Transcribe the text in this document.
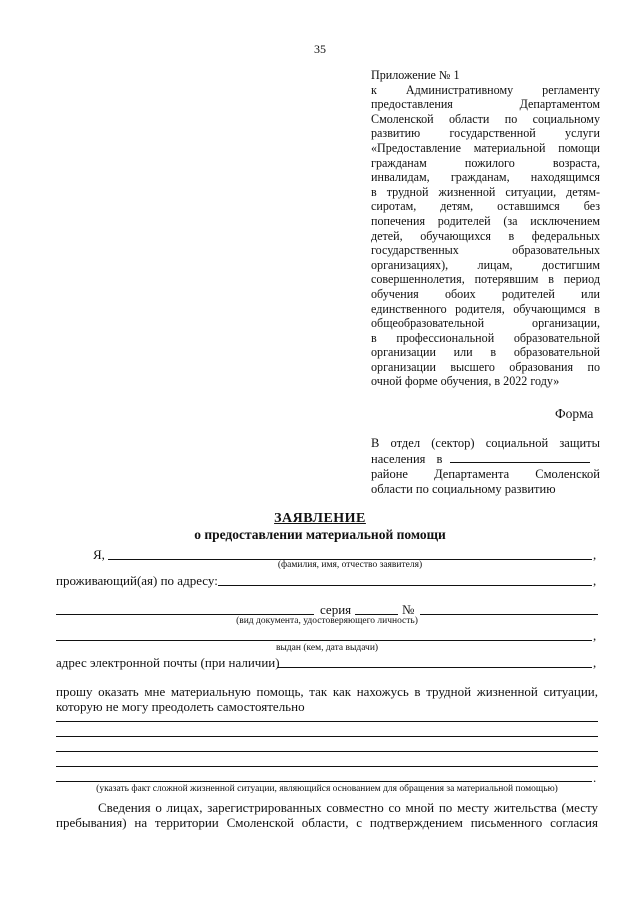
35
Приложение № 1
к Административному регламенту
предоставления Департаментом
Смоленской области по социальному
развитию государственной услуги
«Предоставление материальной помощи
гражданам пожилого возраста,
инвалидам, гражданам, находящимся
в трудной жизненной ситуации, детям-
сиротам, детям, оставшимся без
попечения родителей (за исключением
детей, обучающихся в федеральных
государственных образовательных
организациях), лицам, достигшим
совершеннолетия, потерявшим в период
обучения обоих родителей или
единственного родителя, обучающимся в
общеобразовательной организации,
в профессиональной образовательной
организации или в образовательной
организации высшего образования по
очной форме обучения, в 2022 году»
Форма
В отдел (сектор) социальной защиты
населения в
районе Департамента Смоленской
области по социальному развитию
ЗАЯВЛЕНИЕ
о предоставлении материальной помощи
Я,	,
(фамилия, имя, отчество заявителя)
проживающий(ая) по адресу:	,
серия	№
(вид документа, удостоверяющего личность)
,
выдан (кем, дата выдачи)
адрес электронной почты (при наличии)	,
прошу оказать мне материальную помощь, так как нахожусь в трудной жизненной ситуации,
которую не могу преодолеть самостоятельно
.
(указать факт сложной жизненной ситуации, являющийся основанием для обращения за материальной помощью)
Сведения о лицах, зарегистрированных совместно со мной по месту жительства (месту
пребывания) на территории Смоленской области, с подтверждением письменного согласия
